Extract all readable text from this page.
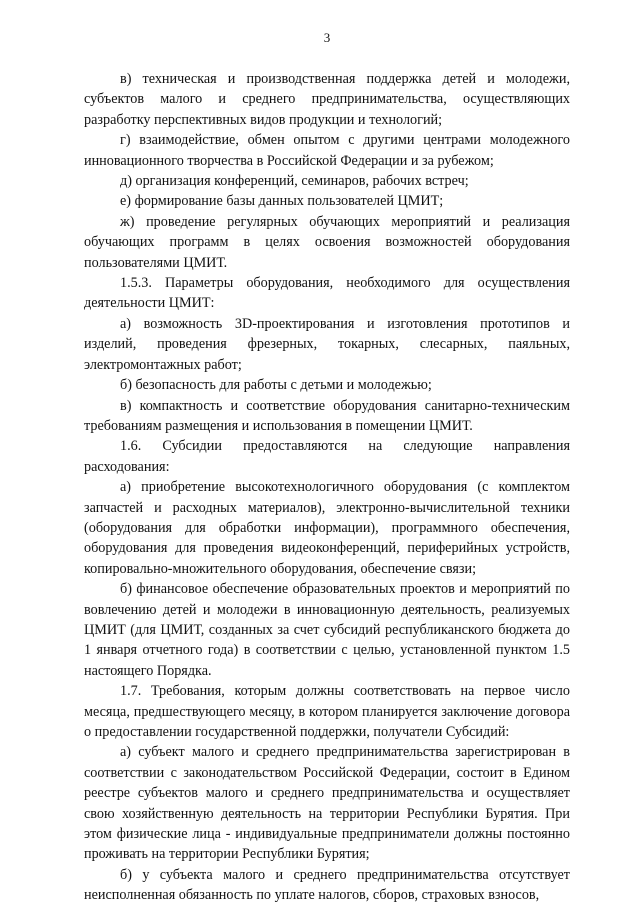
3

в) техническая и производственная поддержка детей и молодежи, субъектов малого и среднего предпринимательства, осуществляющих разработку перспективных видов продукции и технологий;

г) взаимодействие, обмен опытом с другими центрами молодежного инновационного творчества в Российской Федерации и за рубежом;

д) организация конференций, семинаров, рабочих встреч;

е) формирование базы данных пользователей ЦМИТ;

ж) проведение регулярных обучающих мероприятий и реализация обучающих программ в целях освоения возможностей оборудования пользователями ЦМИТ.

1.5.3. Параметры оборудования, необходимого для осуществления деятельности ЦМИТ:

а) возможность 3D-проектирования и изготовления прототипов и изделий, проведения фрезерных, токарных, слесарных, паяльных, электромонтажных работ;

б) безопасность для работы с детьми и молодежью;

в) компактность и соответствие оборудования санитарно-техническим требованиям размещения и использования в помещении ЦМИТ.

1.6. Субсидии предоставляются на следующие направления расходования:

а) приобретение высокотехнологичного оборудования (с комплектом запчастей и расходных материалов), электронно-вычислительной техники (оборудования для обработки информации), программного обеспечения, оборудования для проведения видеоконференций, периферийных устройств, копировально-множительного оборудования, обеспечение связи;

б) финансовое обеспечение образовательных проектов и мероприятий по вовлечению детей и молодежи в инновационную деятельность, реализуемых ЦМИТ (для ЦМИТ, созданных за счет субсидий республиканского бюджета до 1 января отчетного года) в соответствии с целью, установленной пунктом 1.5 настоящего Порядка.

1.7. Требования, которым должны соответствовать на первое число месяца, предшествующего месяцу, в котором планируется заключение договора о предоставлении государственной поддержки, получатели Субсидий:

а) субъект малого и среднего предпринимательства зарегистрирован в соответствии с законодательством Российской Федерации, состоит в Едином реестре субъектов малого и среднего предпринимательства и осуществляет свою хозяйственную деятельность на территории Республики Бурятия. При этом физические лица - индивидуальные предприниматели должны постоянно проживать на территории Республики Бурятия;

б) у субъекта малого и среднего предпринимательства отсутствует неисполненная обязанность по уплате налогов, сборов, страховых взносов,
